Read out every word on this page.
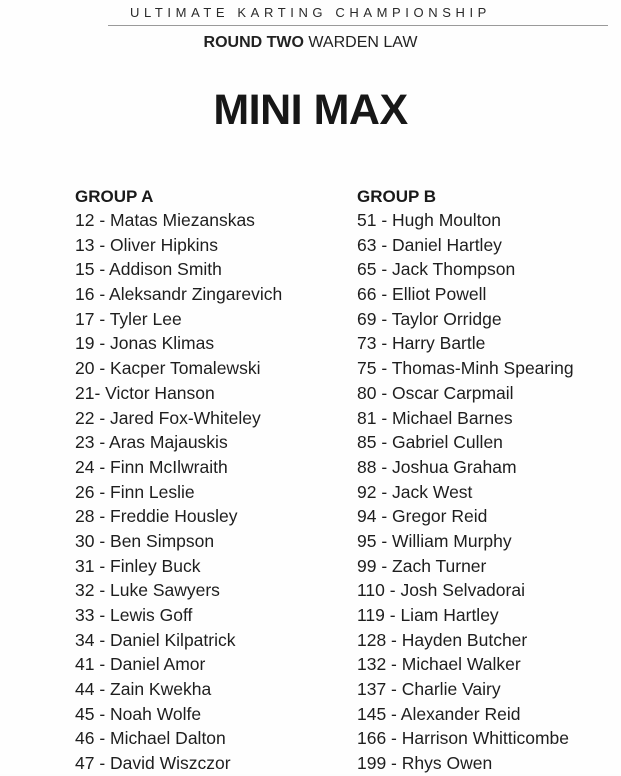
ULTIMATE KARTING CHAMPIONSHIP
ROUND TWO WARDEN LAW
MINI MAX
GROUP A
12 - Matas Miezanskas
13 - Oliver Hipkins
15 - Addison Smith
16 - Aleksandr Zingarevich
17 - Tyler Lee
19 - Jonas Klimas
20 - Kacper Tomalewski
21- Victor Hanson
22 - Jared Fox-Whiteley
23 - Aras Majauskis
24 - Finn McIlwraith
26 - Finn Leslie
28 - Freddie Housley
30 - Ben Simpson
31 - Finley Buck
32 - Luke Sawyers
33 - Lewis Goff
34 - Daniel Kilpatrick
41 - Daniel Amor
44 - Zain Kwekha
45 - Noah Wolfe
46 - Michael Dalton
47 - David Wiszczor
GROUP B
51 - Hugh Moulton
63 - Daniel Hartley
65 - Jack Thompson
66 - Elliot Powell
69 - Taylor Orridge
73 - Harry Bartle
75 - Thomas-Minh Spearing
80 - Oscar Carpmail
81 - Michael Barnes
85 - Gabriel Cullen
88 - Joshua Graham
92 - Jack West
94 - Gregor Reid
95 - William Murphy
99 - Zach Turner
110 - Josh Selvadorai
119 - Liam Hartley
128 - Hayden Butcher
132 - Michael Walker
137 - Charlie Vairy
145 - Alexander Reid
166 - Harrison Whitticombe
199 - Rhys Owen
